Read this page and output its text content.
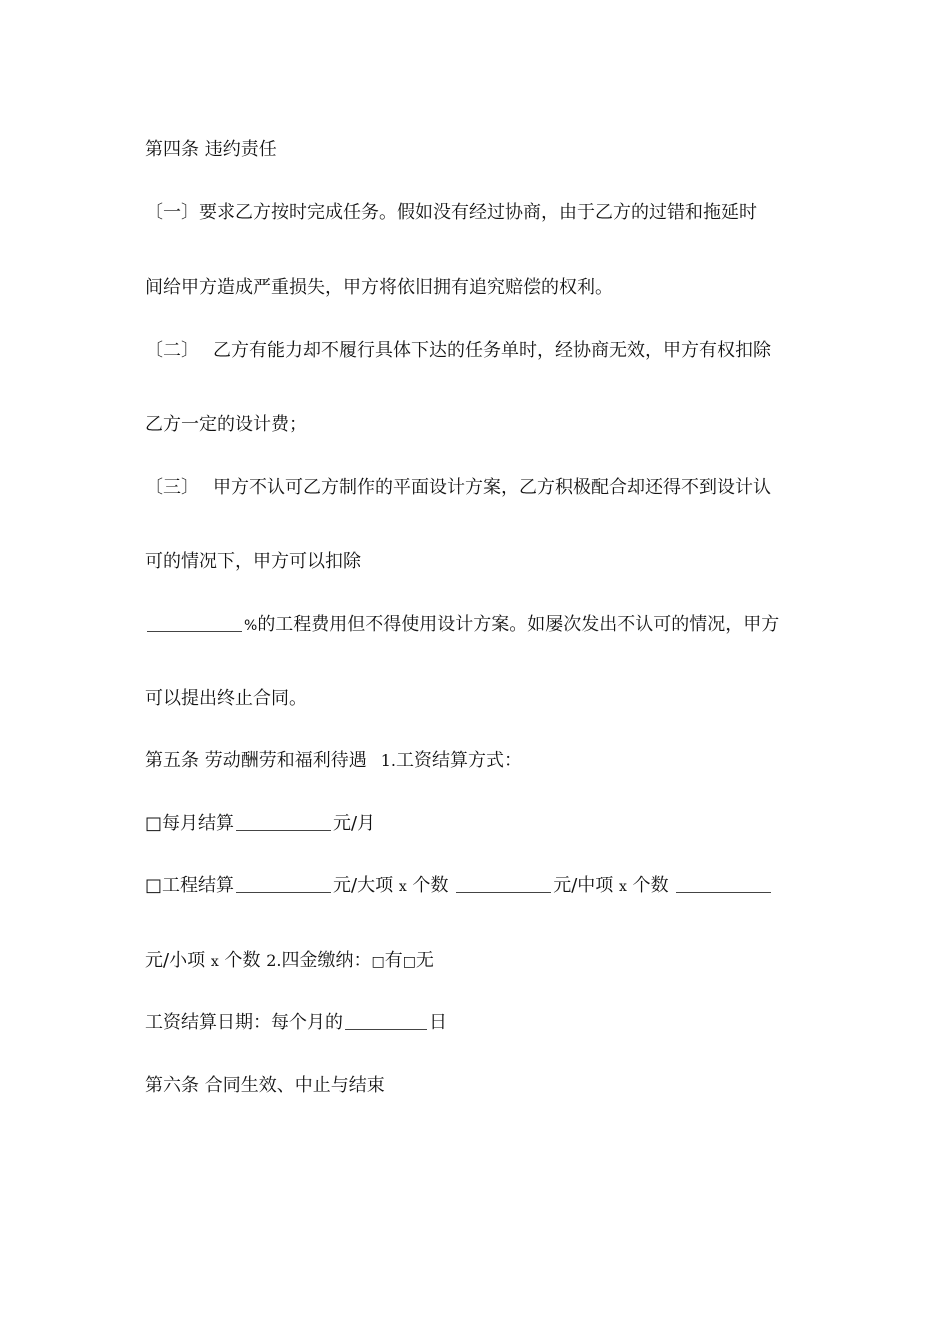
第四条 违约责任
〔一〕要求乙方按时完成任务。假如没有经过协商，由于乙方的过错和拖延时
间给甲方造成严重损失，甲方将依旧拥有追究赔偿的权利。
〔二〕 乙方有能力却不履行具体下达的任务单时，经协商无效，甲方有权扣除
乙方一定的设计费；
〔三〕 甲方不认可乙方制作的平面设计方案，乙方积极配合却还得不到设计认
可的情况下，甲方可以扣除
%的工程费用但不得使用设计方案。如屡次发出不认可的情况，甲方
可以提出终止合同。
第五条 劳动酬劳和福利待遇 1.工资结算方式：
□每月结算	元/月
□工程结算	元/大项 x 个数	元/中项 x 个数
元/小项 x 个数 2.四金缴纳：□有□无
工资结算日期：每个月的	日
第六条 合同生效、中止与结束
